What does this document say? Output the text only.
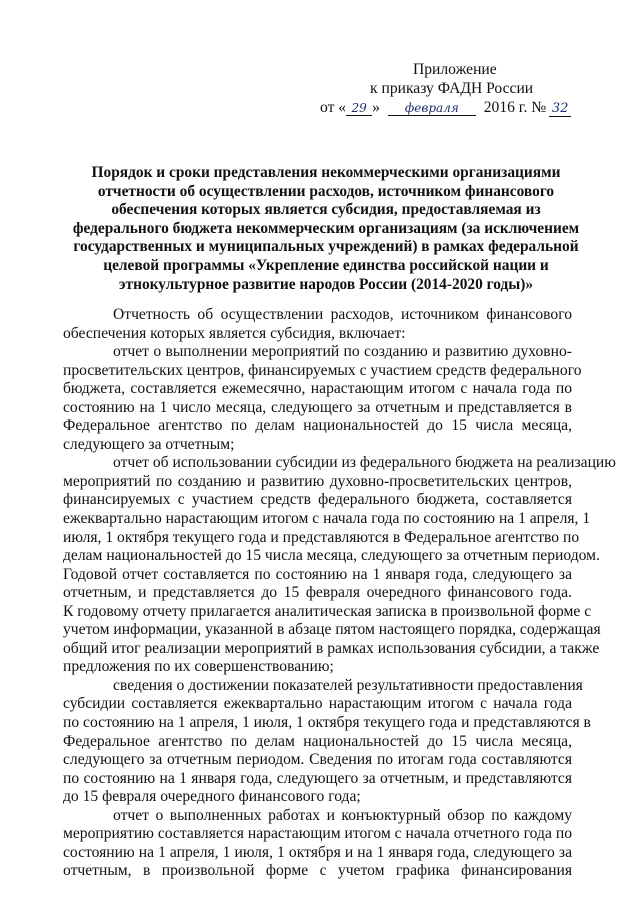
Приложение
к приказу ФАДН России
от « 29 » февраля 2016 г. № 32
Порядок и сроки представления некоммерческими организациями
отчетности об осуществлении расходов, источником финансового
обеспечения которых является субсидия, предоставляемая из
федерального бюджета некоммерческим организациям (за исключением
государственных и муниципальных учреждений) в рамках федеральной
целевой программы «Укрепление единства российской нации и
этнокультурное развитие народов России (2014-2020 годы)»
Отчетность об осуществлении расходов, источником финансового
обеспечения которых является субсидия, включает:
отчет о выполнении мероприятий по созданию и развитию духовно-
просветительских центров, финансируемых с участием средств федерального
бюджета, составляется ежемесячно, нарастающим итогом с начала года по
состоянию на 1 число месяца, следующего за отчетным и представляется в
Федеральное агентство по делам национальностей до 15 числа месяца,
следующего за отчетным;
отчет об использовании субсидии из федерального бюджета на реализацию
мероприятий по созданию и развитию духовно-просветительских центров,
финансируемых с участием средств федерального бюджета, составляется
ежеквартально нарастающим итогом с начала года по состоянию на 1 апреля, 1
июля, 1 октября текущего года и представляются в Федеральное агентство по
делам национальностей до 15 числа месяца, следующего за отчетным периодом.
Годовой отчет составляется по состоянию на 1 января года, следующего за
отчетным, и представляется до 15 февраля очередного финансового года.
К годовому отчету прилагается аналитическая записка в произвольной форме с
учетом информации, указанной в абзаце пятом настоящего порядка, содержащая
общий итог реализации мероприятий в рамках использования субсидии, а также
предложения по их совершенствованию;
сведения о достижении показателей результативности предоставления
субсидии составляется ежеквартально нарастающим итогом с начала года
по состоянию на 1 апреля, 1 июля, 1 октября текущего года и представляются в
Федеральное агентство по делам национальностей до 15 числа месяца,
следующего за отчетным периодом. Сведения по итогам года составляются
по состоянию на 1 января года, следующего за отчетным, и представляются
до 15 февраля очередного финансового года;
отчет о выполненных работах и конъюктурный обзор по каждому
мероприятию составляется нарастающим итогом с начала отчетного года по
состоянию на 1 апреля, 1 июля, 1 октября и на 1 января года, следующего за
отчетным, в произвольной форме с учетом графика финансирования
